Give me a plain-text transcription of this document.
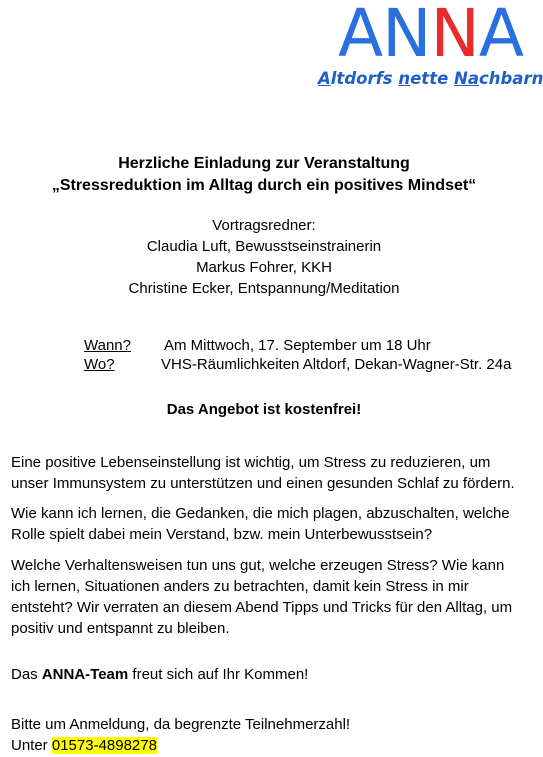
ANNA
Altdorfs nette Nachbarn
Herzliche Einladung zur Veranstaltung
„Stressreduktion im Alltag durch ein positives Mindset“
Vortragsredner:
Claudia Luft, Bewusstseinstrainerin
Markus Fohrer, KKH
Christine Ecker, Entspannung/Meditation
Wann? Am Mittwoch, 17. September um 18 Uhr
Wo?	VHS-Räumlichkeiten Altdorf, Dekan-Wagner-Str. 24a
Das Angebot ist kostenfrei!
Eine positive Lebenseinstellung ist wichtig, um Stress zu reduzieren, um unser Immunsystem zu unterstützen und einen gesunden Schlaf zu fördern.
Wie kann ich lernen, die Gedanken, die mich plagen, abzuschalten, welche Rolle spielt dabei mein Verstand, bzw. mein Unterbewusstsein?
Welche Verhaltensweisen tun uns gut, welche erzeugen Stress? Wie kann ich lernen, Situationen anders zu betrachten, damit kein Stress in mir entsteht? Wir verraten an diesem Abend Tipps und Tricks für den Alltag, um positiv und entspannt zu bleiben.
Das ANNA-Team freut sich auf Ihr Kommen!
Bitte um Anmeldung, da begrenzte Teilnehmerzahl!
Unter 01573-4898278
